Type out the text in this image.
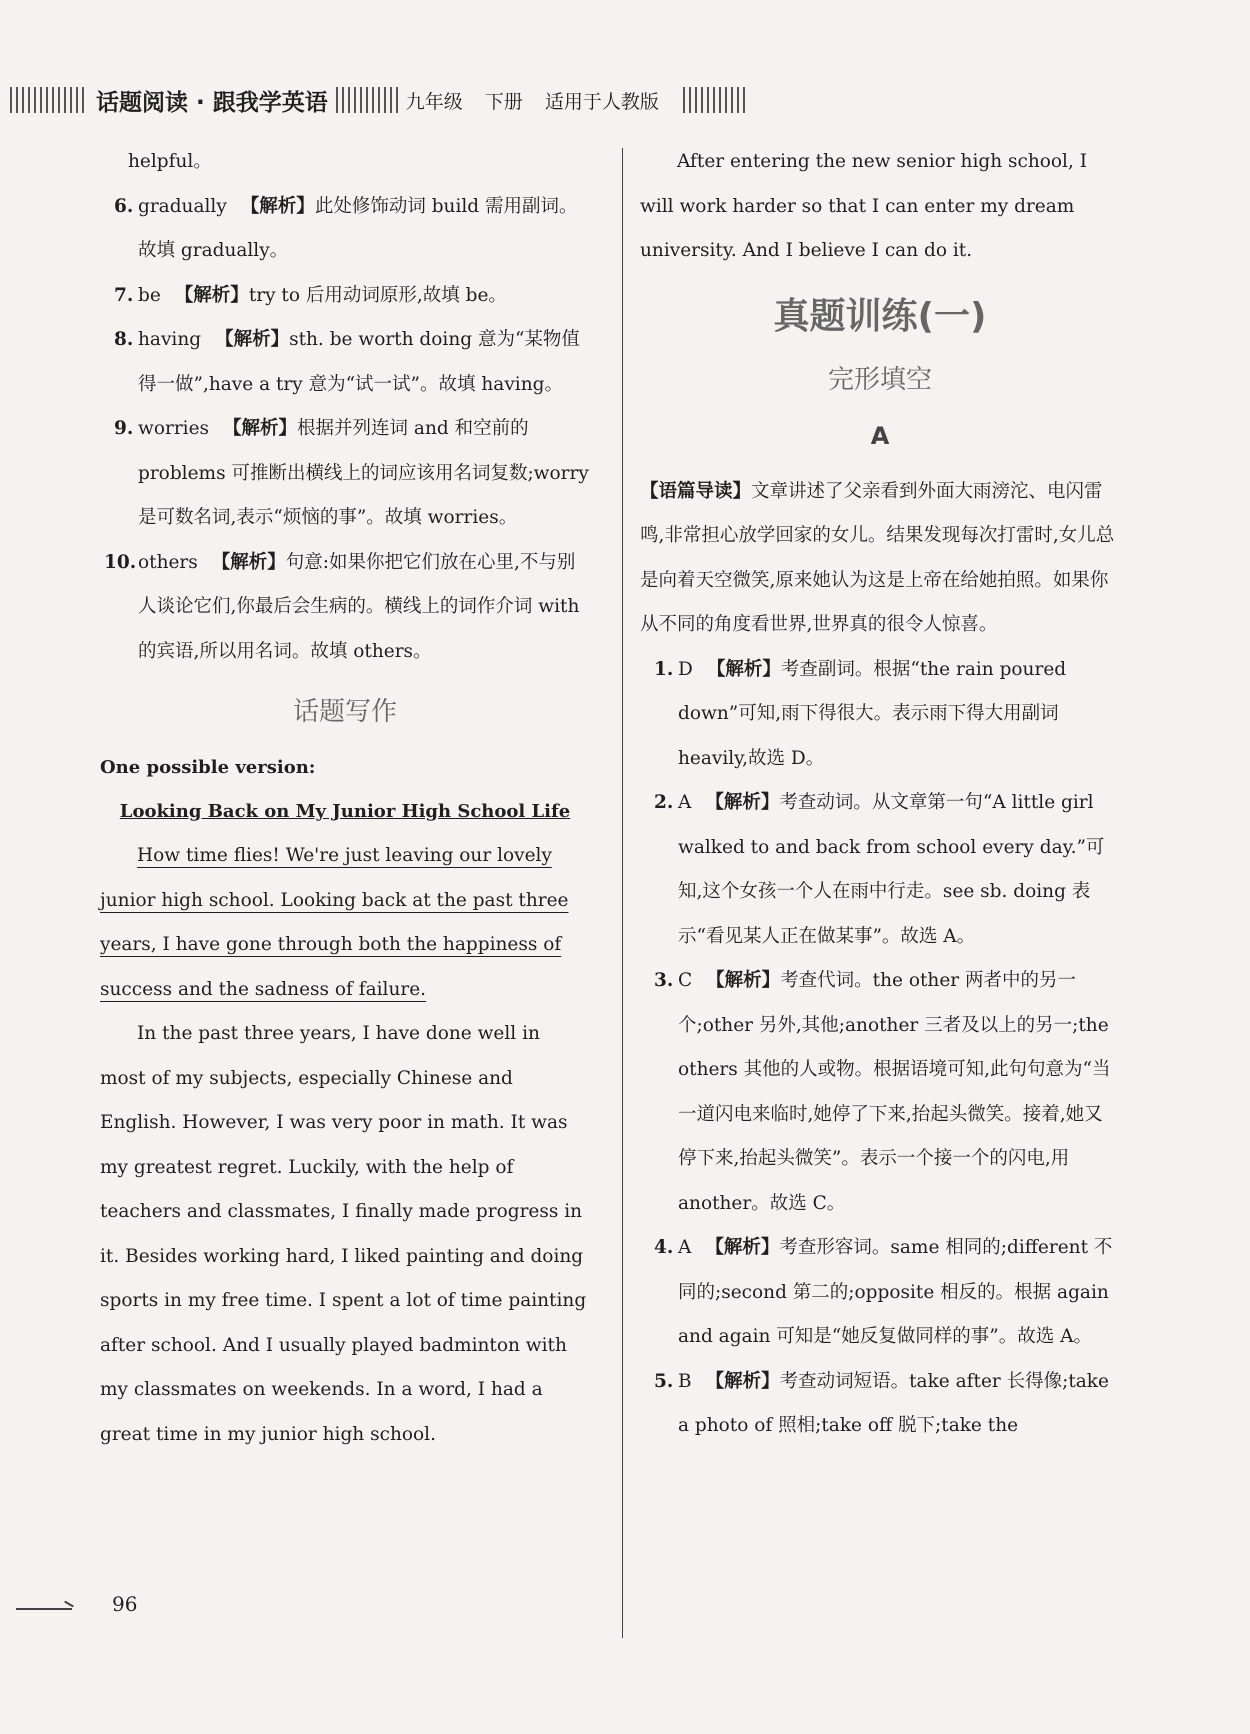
话题阅读 · 跟我学英语	九年级 下册 适用于人教版

helpful。

6. gradually 【解析】此处修饰动词 build 需用副词。故填 gradually。

7. be 【解析】try to 后用动词原形,故填 be。

8. having 【解析】sth. be worth doing 意为“某物值得一做”,have a try 意为“试一试”。故填 having。

9. worries 【解析】根据并列连词 and 和空前的 problems 可推断出横线上的词应该用名词复数;worry 是可数名词,表示“烦恼的事”。故填 worries。

10. others 【解析】句意:如果你把它们放在心里,不与别人谈论它们,你最后会生病的。横线上的词作介词 with 的宾语,所以用名词。故填 others。

话题写作

One possible version:

Looking Back on My Junior High School Life

How time flies! We're just leaving our lovely junior high school. Looking back at the past three years, I have gone through both the happiness of success and the sadness of failure.

In the past three years, I have done well in most of my subjects, especially Chinese and English. However, I was very poor in math. It was my greatest regret. Luckily, with the help of teachers and classmates, I finally made progress in it. Besides working hard, I liked painting and doing sports in my free time. I spent a lot of time painting after school. And I usually played badminton with my classmates on weekends. In a word, I had a great time in my junior high school.

After entering the new senior high school, I will work harder so that I can enter my dream university. And I believe I can do it.

真题训练(一)

完形填空

A

【语篇导读】文章讲述了父亲看到外面大雨滂沱、电闪雷鸣,非常担心放学回家的女儿。结果发现每次打雷时,女儿总是向着天空微笑,原来她认为这是上帝在给她拍照。如果你从不同的角度看世界,世界真的很令人惊喜。

1. D 【解析】考查副词。根据“the rain poured down”可知,雨下得很大。表示雨下得大用副词 heavily,故选 D。

2. A 【解析】考查动词。从文章第一句“A little girl walked to and back from school every day.”可知,这个女孩一个人在雨中行走。see sb. doing 表示“看见某人正在做某事”。故选 A。

3. C 【解析】考查代词。the other 两者中的另一个;other 另外,其他;another 三者及以上的另一;the others 其他的人或物。根据语境可知,此句句意为“当一道闪电来临时,她停了下来,抬起头微笑。接着,她又停下来,抬起头微笑”。表示一个接一个的闪电,用 another。故选 C。

4. A 【解析】考查形容词。same 相同的;different 不同的;second 第二的;opposite 相反的。根据 again and again 可知是“她反复做同样的事”。故选 A。

5. B 【解析】考查动词短语。take after 长得像;take a photo of 照相;take off 脱下;take the

96
